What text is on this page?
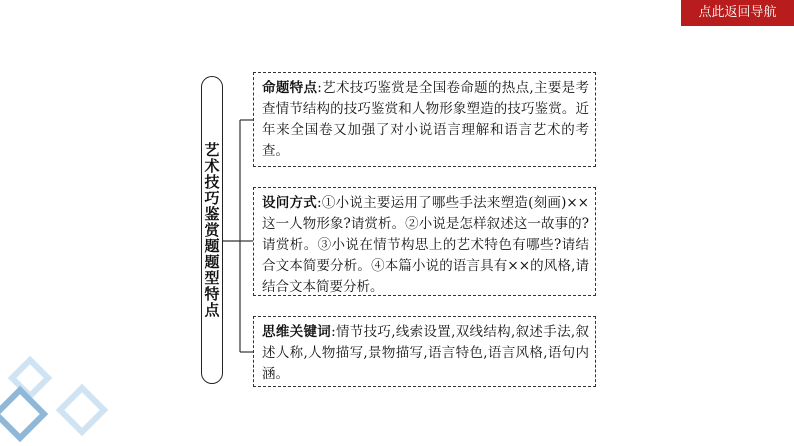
点此返回导航
艺术技巧鉴赏题题型特点
命题特点:艺术技巧鉴赏是全国卷命题的热点,主要是考查情节结构的技巧鉴赏和人物形象塑造的技巧鉴赏。近年来全国卷又加强了对小说语言理解和语言艺术的考查。
设问方式:①小说主要运用了哪些手法来塑造(刻画)××这一人物形象?请赏析。②小说是怎样叙述这一故事的?请赏析。③小说在情节构思上的艺术特色有哪些?请结合文本简要分析。④本篇小说的语言具有××的风格,请结合文本简要分析。
思维关键词:情节技巧,线索设置,双线结构,叙述手法,叙述人称,人物描写,景物描写,语言特色,语言风格,语句内涵。
